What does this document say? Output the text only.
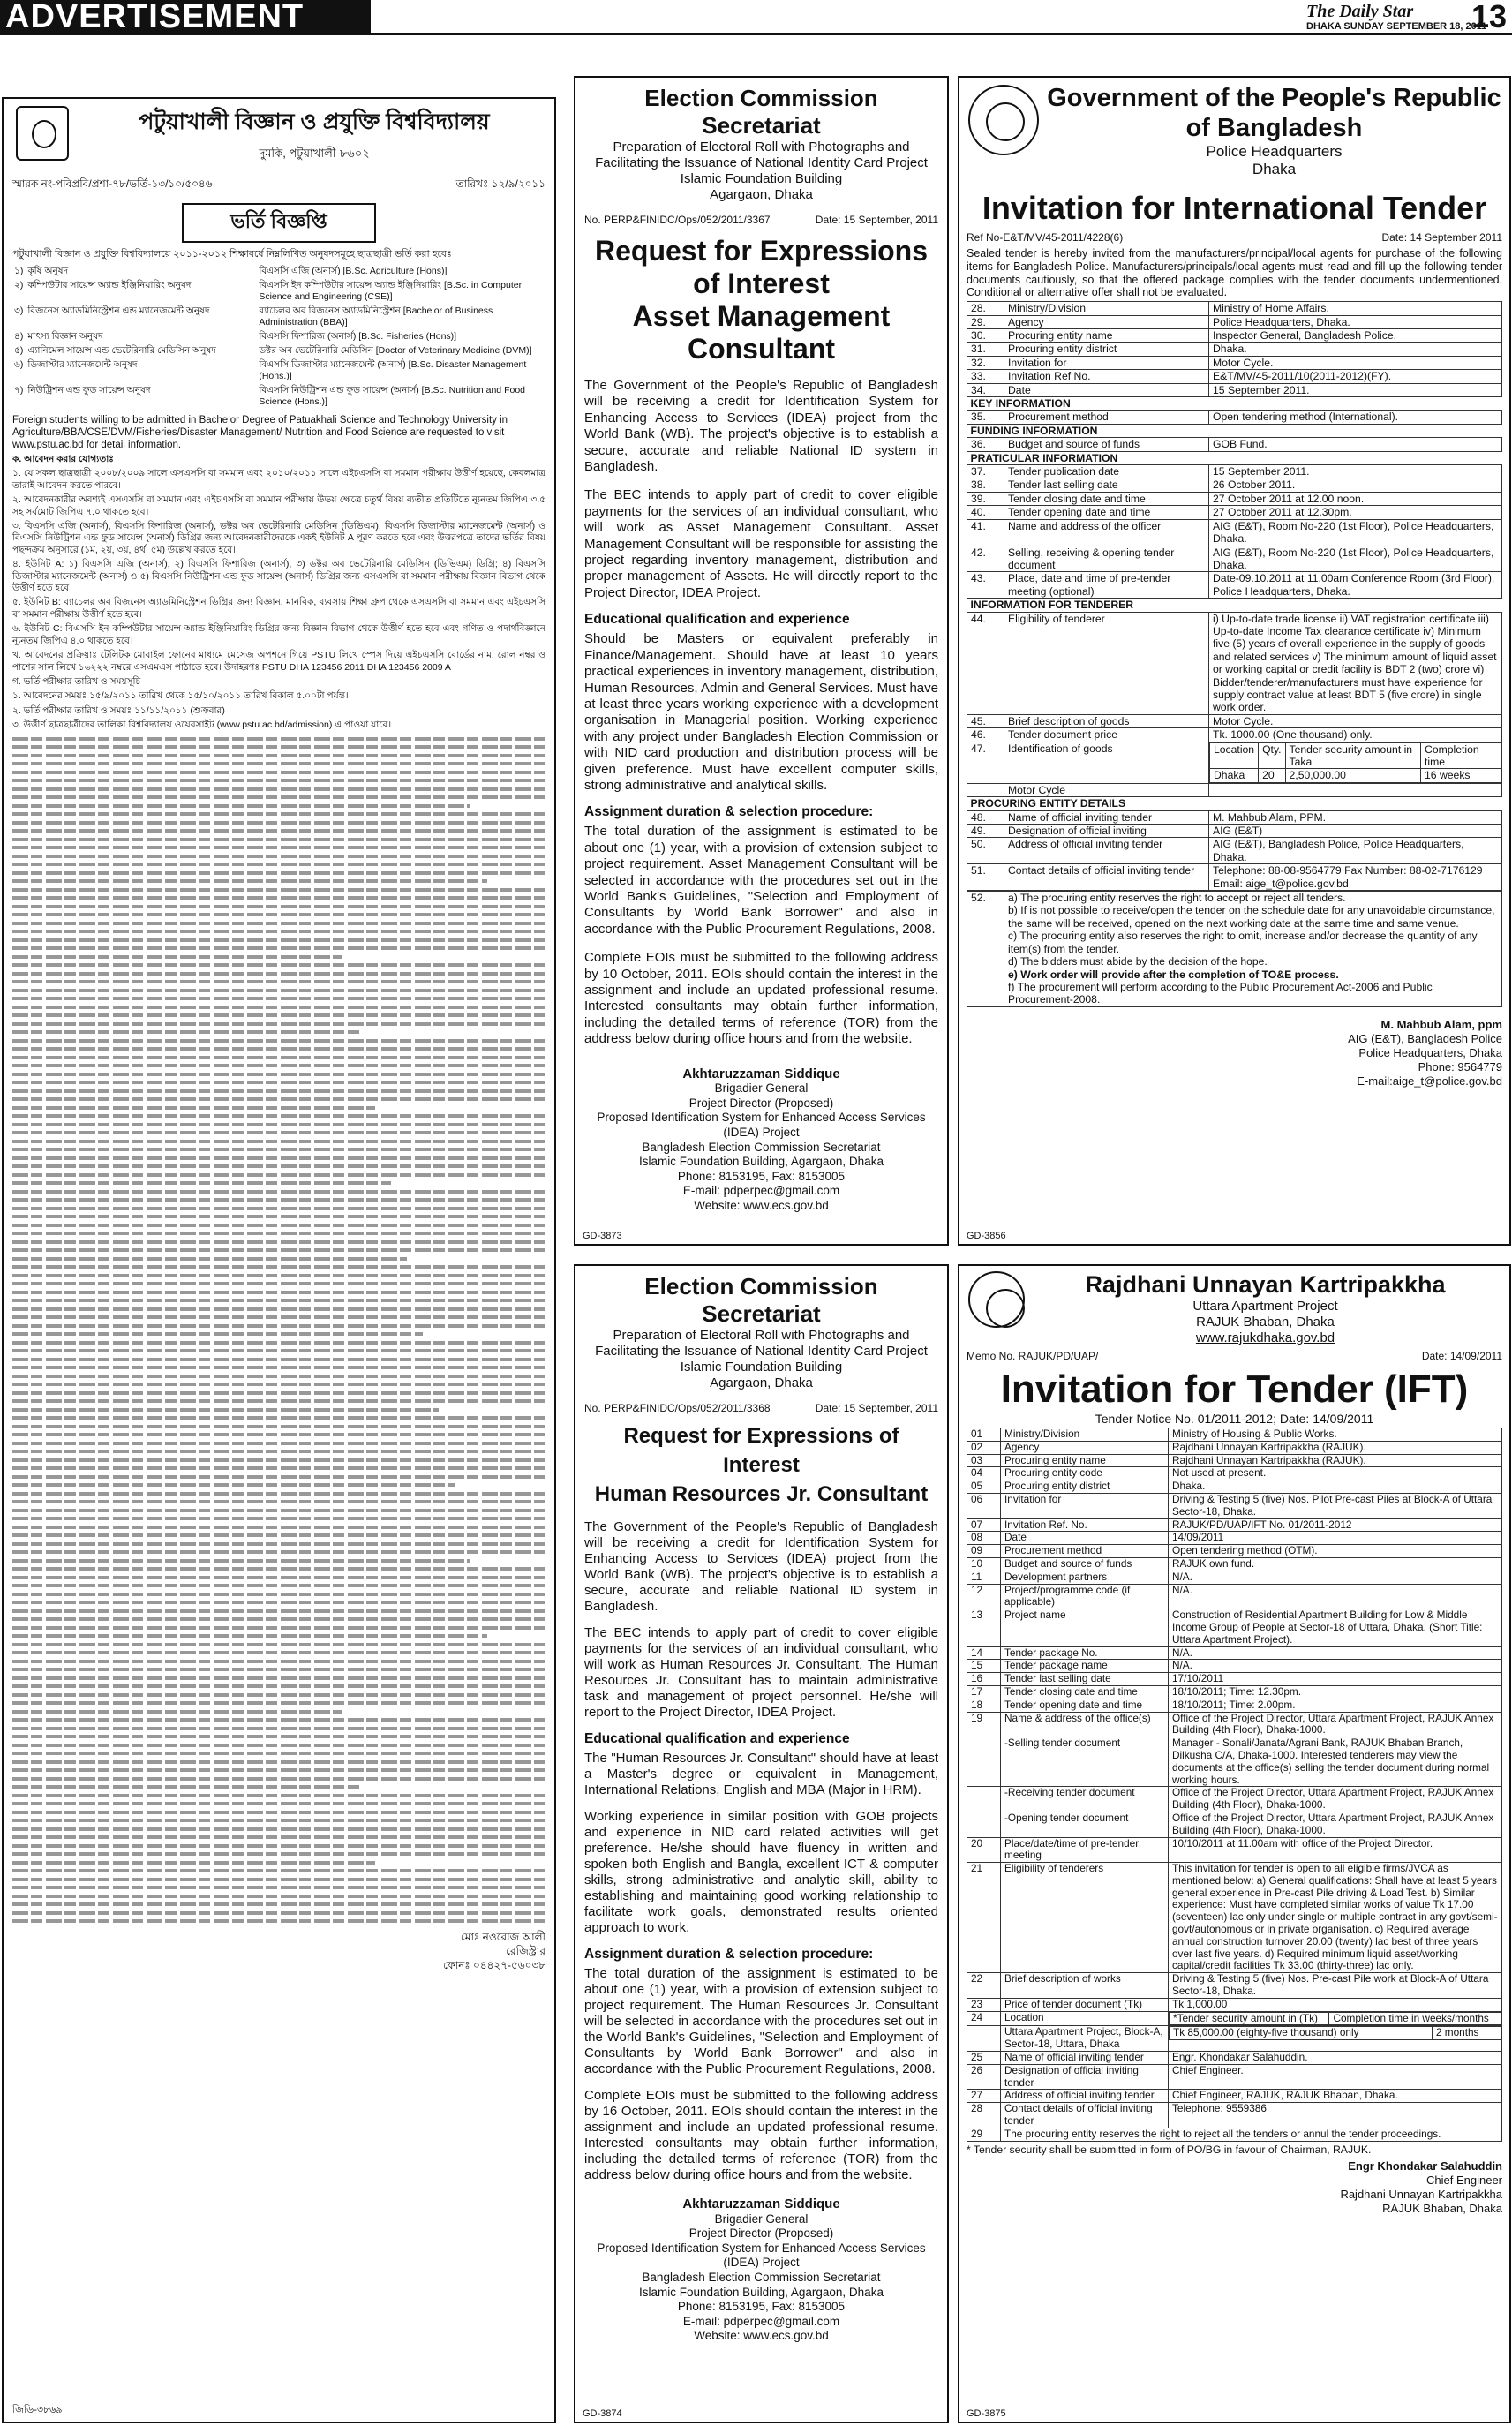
ADVERTISEMENT	The Daily Star
DHAKA SUNDAY SEPTEMBER 18, 2011
13
পটুয়াখালী বিজ্ঞান ও প্রযুক্তি বিশ্ববিদ্যালয়
দুমকি, পটুয়াখালী-৮৬০২
স্মারক নং-পবিপ্রবি/প্রশা-৭৮/ভর্তি-১৩/১০/৫০৪৬	তারিখঃ ১২/৯/২০১১
ভর্তি বিজ্ঞপ্তি
পটুয়াখালী বিজ্ঞান ও প্রযুক্তি বিশ্ববিদ্যালয়ে ২০১১-২০১২ শিক্ষাবর্ষে নিম্নলিখিত অনুষদসমূহে ছাত্রছাত্রী ভর্তি করা হবেঃ
১)	কৃষি অনুষদ	বিএসসি এজি (অনার্স) [B.Sc. Agriculture (Hons)]
২)	কম্পিউটার সায়েন্স অ্যান্ড ইঞ্জিনিয়ারিং অনুষদ	বিএসসি ইন কম্পিউটার সায়েন্স অ্যান্ড ইঞ্জিনিয়ারিং [B.Sc. in Computer Science and Engineering (CSE)]
৩)	বিজনেস অ্যাডমিনিস্ট্রেশন এন্ড ম্যানেজমেন্ট অনুষদ	ব্যাচেলর অব বিজনেস অ্যাডমিনিস্ট্রেশন [Bachelor of Business Administration (BBA)]
৪)	মাৎস্য বিজ্ঞান অনুষদ	বিএসসি ফিশারিজ (অনার্স) [B.Sc. Fisheries (Hons)]
৫)	এ্যানিমেল সায়েন্স এন্ড ভেটেরিনারি মেডিসিন অনুষদ	ডক্টর অব ভেটেরিনারি মেডিসিন [Doctor of Veterinary Medicine (DVM)]
৬)	ডিজাস্টার ম্যানেজমেন্ট অনুষদ	বিএসসি ডিজাস্টার ম্যানেজমেন্ট (অনার্স) [B.Sc. Disaster Management (Hons.)]
৭)	নিউট্রিশন এন্ড ফুড সায়েন্স অনুষদ	বিএসসি নিউট্রিশন এন্ড ফুড সায়েন্স (অনার্স) [B.Sc. Nutrition and Food Science (Hons.)]
Foreign students willing to be admitted in Bachelor Degree of Patuakhali Science and Technology University in Agriculture/BBA/CSE/DVM/Fisheries/Disaster Management/ Nutrition and Food Science are requested to visit www.pstu.ac.bd for detail information.
ক. আবেদন করার যোগ্যতাঃ
১. যে সকল ছাত্রছাত্রী ২০০৮/২০০৯ সালে এসএসসি বা সমমান এবং ২০১০/২০১১ সালে এইচএসসি বা সমমান পরীক্ষায় উত্তীর্ণ হয়েছে, কেবলমাত্র তারাই আবেদন করতে পারবে।
২. আবেদনকারীর অবশ্যই এসএসসি বা সমমান এবং এইচএসসি বা সমমান পরীক্ষায় উভয় ক্ষেত্রে চতুর্থ বিষয় ব্যতীত প্রতিটিতে ন্যূনতম জিপিএ ৩.৫ সহ সর্বমোট জিপিএ ৭.০ থাকতে হবে।
৩. বিএসসি এজি (অনার্স), বিএসসি ফিশারিজ (অনার্স), ডক্টর অব ভেটেরিনারি মেডিসিন (ডিভিএম), বিএসসি ডিজাস্টার ম্যানেজমেন্ট (অনার্স) ও বিএসসি নিউট্রিশন এন্ড ফুড সায়েন্স (অনার্স) ডিগ্রির জন্য আবেদনকারীদেরকে একই ইউনিট A পূরণ করতে হবে এবং উত্তরপত্রে তাদের ভর্তির বিষয় পছন্দক্রম অনুসারে (১ম, ২য়, ৩য়, ৪র্থ, ৫ম) উল্লেখ করতে হবে।
৪. ইউনিট A: ১) বিএসসি এজি (অনার্স), ২) বিএসসি ফিশারিজ (অনার্স), ৩) ডক্টর অব ভেটেরিনারি মেডিসিন (ডিভিএম) ডিগ্রি; ৪) বিএসসি ডিজাস্টার ম্যানেজমেন্ট (অনার্স) ও ৫) বিএসসি নিউট্রিশন এন্ড ফুড সায়েন্স (অনার্স) ডিগ্রির জন্য এসএসসি বা সমমান পরীক্ষায় বিজ্ঞান বিভাগ থেকে উত্তীর্ণ হতে হবে।
৫. ইউনিট B: ব্যাচেলর অব বিজনেস অ্যাডমিনিস্ট্রেশন ডিগ্রির জন্য বিজ্ঞান, মানবিক, ব্যবসায় শিক্ষা গ্রুপ থেকে এসএসসি বা সমমান এবং এইচএসসি বা সমমান পরীক্ষায় উত্তীর্ণ হতে হবে।
৬. ইউনিট C: বিএসসি ইন কম্পিউটার সায়েন্স অ্যান্ড ইঞ্জিনিয়ারিং ডিগ্রির জন্য বিজ্ঞান বিভাগ থেকে উত্তীর্ণ হতে হবে এবং গণিত ও পদার্থবিজ্ঞানে ন্যূনতম জিপিএ ৪.০ থাকতে হবে।
খ. আবেদনের প্রক্রিয়াঃ টেলিটক মোবাইল ফোনের মাধ্যমে মেসেজ অপশনে গিয়ে PSTU লিখে স্পেস দিয়ে এইচএসসি বোর্ডের নাম, রোল নম্বর ও পাশের সাল লিখে ১৬২২২ নম্বরে এসএমএস পাঠাতে হবে। উদাহরণঃ PSTU DHA 123456 2011 DHA 123456 2009 A
গ. ভর্তি পরীক্ষার তারিখ ও সময়সূচি
১. আবেদনের সময়ঃ ১৫/৯/২০১১ তারিখ থেকে ১৫/১০/২০১১ তারিখ বিকাল ৫.০০টা পর্যন্ত।
২. ভর্তি পরীক্ষার তারিখ ও সময়ঃ ১১/১১/২০১১ (শুক্রবার)
৩. উত্তীর্ণ ছাত্রছাত্রীদের তালিকা বিশ্ববিদ্যালয় ওয়েবসাইট (www.pstu.ac.bd/admission) এ পাওয়া যাবে।
মোঃ নওরোজ আলী
রেজিস্ট্রার
ফোনঃ ০৪৪২৭-৫৬০৩৮
জিডি-৩৮৬৯
Election Commission Secretariat
Preparation of Electoral Roll with Photographs and Facilitating the Issuance of National Identity Card Project
Islamic Foundation Building
Agargaon, Dhaka
No. PERP&FINIDC/Ops/052/2011/3367	Date: 15 September, 2011
Request for Expressions of Interest
Asset Management Consultant
The Government of the People's Republic of Bangladesh will be receiving a credit for Identification System for Enhancing Access to Services (IDEA) project from the World Bank (WB). The project's objective is to establish a secure, accurate and reliable National ID system in Bangladesh.
The BEC intends to apply part of credit to cover eligible payments for the services of an individual consultant, who will work as Asset Management Consultant. Asset Management Consultant will be responsible for assisting the project regarding inventory management, distribution and proper management of Assets. He will directly report to the Project Director, IDEA Project.
Educational qualification and experience
Should be Masters or equivalent preferably in Finance/Management. Should have at least 10 years practical experiences in inventory management, distribution, Human Resources, Admin and General Services. Must have at least three years working experience with a development organisation in Managerial position. Working experience with any project under Bangladesh Election Commission or with NID card production and distribution process will be given preference. Must have excellent computer skills, strong administrative and analytical skills.
Assignment duration & selection procedure:
The total duration of the assignment is estimated to be about one (1) year, with a provision of extension subject to project requirement. Asset Management Consultant will be selected in accordance with the procedures set out in the World Bank's Guidelines, "Selection and Employment of Consultants by World Bank Borrower" and also in accordance with the Public Procurement Regulations, 2008.
Complete EOIs must be submitted to the following address by 10 October, 2011. EOIs should contain the interest in the assignment and include an updated professional resume. Interested consultants may obtain further information, including the detailed terms of reference (TOR) from the address below during office hours and from the website.
Akhtaruzzaman Siddique
Brigadier General
Project Director (Proposed)
Proposed Identification System for Enhanced Access Services (IDEA) Project
Bangladesh Election Commission Secretariat
Islamic Foundation Building, Agargaon, Dhaka
Phone: 8153195, Fax: 8153005
E-mail: pdperpec@gmail.com
Website: www.ecs.gov.bd
GD-3873
Election Commission Secretariat
Preparation of Electoral Roll with Photographs and Facilitating the Issuance of National Identity Card Project
Islamic Foundation Building
Agargaon, Dhaka
No. PERP&FINIDC/Ops/052/2011/3368	Date: 15 September, 2011
Request for Expressions of Interest
Human Resources Jr. Consultant
The Government of the People's Republic of Bangladesh will be receiving a credit for Identification System for Enhancing Access to Services (IDEA) project from the World Bank (WB). The project's objective is to establish a secure, accurate and reliable National ID system in Bangladesh.
The BEC intends to apply part of credit to cover eligible payments for the services of an individual consultant, who will work as Human Resources Jr. Consultant. The Human Resources Jr. Consultant has to maintain administrative task and management of project personnel. He/she will report to the Project Director, IDEA Project.
Educational qualification and experience
The "Human Resources Jr. Consultant" should have at least a Master's degree or equivalent in Management, International Relations, English and MBA (Major in HRM).
Working experience in similar position with GOB projects and experience in NID card related activities will get preference. He/she should have fluency in written and spoken both English and Bangla, excellent ICT & computer skills, strong administrative and analytic skill, ability to establishing and maintaining good working relationship to facilitate work goals, demonstrated results oriented approach to work.
Assignment duration & selection procedure:
The total duration of the assignment is estimated to be about one (1) year, with a provision of extension subject to project requirement. The Human Resources Jr. Consultant will be selected in accordance with the procedures set out in the World Bank's Guidelines, "Selection and Employment of Consultants by World Bank Borrower" and also in accordance with the Public Procurement Regulations, 2008.
Complete EOIs must be submitted to the following address by 16 October, 2011. EOIs should contain the interest in the assignment and include an updated professional resume. Interested consultants may obtain further information, including the detailed terms of reference (TOR) from the address below during office hours and from the website.
Akhtaruzzaman Siddique
Brigadier General
Project Director (Proposed)
Proposed Identification System for Enhanced Access Services (IDEA) Project
Bangladesh Election Commission Secretariat
Islamic Foundation Building, Agargaon, Dhaka
Phone: 8153195, Fax: 8153005
E-mail: pdperpec@gmail.com
Website: www.ecs.gov.bd
GD-3874
Government of the People's Republic of Bangladesh
Police Headquarters
Dhaka
Invitation for International Tender
Ref No-E&T/MV/45-2011/4228(6)	Date: 14 September 2011
Sealed tender is hereby invited from the manufacturers/principal/local agents for purchase of the following items for Bangladesh Police. Manufacturers/principals/local agents must read and fill up the following tender documents cautiously, so that the offered package complies with the tender documents undermentioned. Conditional or alternative offer shall not be evaluated.
28.	Ministry/Division	Ministry of Home Affairs.
29.	Agency	Police Headquarters, Dhaka.
30.	Procuring entity name	Inspector General, Bangladesh Police.
31.	Procuring entity district	Dhaka.
32.	Invitation for	Motor Cycle.
33.	Invitation Ref No.	E&T/MV/45-2011/10(2011-2012)(FY).
34.	Date	15 September 2011.
KEY INFORMATION
35.	Procurement method	Open tendering method (International).
FUNDING INFORMATION
36.	Budget and source of funds	GOB Fund.
PRATICULAR INFORMATION
37.	Tender publication date	15 September 2011.
38.	Tender last selling date	26 October 2011.
39.	Tender closing date and time	27 October 2011 at 12.00 noon.
40.	Tender opening date and time	27 October 2011 at 12.30pm.
41.	Name and address of the officer	AIG (E&T), Room No-220 (1st Floor), Police Headquarters, Dhaka.
42.	Selling, receiving & opening tender document	AIG (E&T), Room No-220 (1st Floor), Police Headquarters, Dhaka.
43.	Place, date and time of pre-tender meeting (optional)	Date-09.10.2011 at 11.00am Conference Room (3rd Floor), Police Headquarters, Dhaka.
INFORMATION FOR TENDERER
44.	Eligibility of tenderer	i) Up-to-date trade license ii) VAT registration certificate iii) Up-to-date Income Tax clearance certificate iv) Minimum five (5) years of overall experience in the supply of goods and related services v) The minimum amount of liquid asset or working capital or credit facility is BDT 2 (two) crore vi) Bidder/tenderer/manufacturers must have experience for supply contract value at least BDT 5 (five crore) in single work order.
45.	Brief description of goods	Motor Cycle.
46.	Tender document price	Tk. 1000.00 (One thousand) only.
47.	Identification of goods		Location	Qty.	Tender security amount in Taka	Completion time
Dhaka	20	2,50,000.00	16 weeks

	Motor Cycle	
PROCURING ENTITY DETAILS
48.	Name of official inviting tender	M. Mahbub Alam, PPM.
49.	Designation of official inviting	AIG (E&T)
50.	Address of official inviting tender	AIG (E&T), Bangladesh Police, Police Headquarters, Dhaka.
51.	Contact details of official inviting tender	Telephone: 88-08-9564779 Fax Number: 88-02-7176129 Email: aige_t@police.gov.bd
52.	a) The procuring entity reserves the right to accept or reject all tenders.
b) If is not possible to receive/open the tender on the schedule date for any unavoidable circumstance, the same will be received, opened on the next working date at the same time and same venue.
c) The procuring entity also reserves the right to omit, increase and/or decrease the quantity of any item(s) from the tender.
d) The bidders must abide by the decision of the hope.
e) Work order will provide after the completion of TO&E process.
f) The procurement will perform according to the Public Procurement Act-2006 and Public Procurement-2008.
M. Mahbub Alam, ppm
AIG (E&T), Bangladesh Police
Police Headquarters, Dhaka
Phone: 9564779
E-mail:aige_t@police.gov.bd
GD-3856
Rajdhani Unnayan Kartripakkha
Uttara Apartment Project
RAJUK Bhaban, Dhaka
www.rajukdhaka.gov.bd
Memo No. RAJUK/PD/UAP/	Date: 14/09/2011
Invitation for Tender (IFT)
Tender Notice No. 01/2011-2012; Date: 14/09/2011
01	Ministry/Division	Ministry of Housing & Public Works.
02	Agency	Rajdhani Unnayan Kartripakkha (RAJUK).
03	Procuring entity name	Rajdhani Unnayan Kartripakkha (RAJUK).
04	Procuring entity code	Not used at present.
05	Procuring entity district	Dhaka.
06	Invitation for	Driving & Testing 5 (five) Nos. Pilot Pre-cast Piles at Block-A of Uttara Sector-18, Dhaka.
07	Invitation Ref. No.	RAJUK/PD/UAP/IFT No. 01/2011-2012
08	Date	14/09/2011
09	Procurement method	Open tendering method (OTM).
10	Budget and source of funds	RAJUK own fund.
11	Development partners	N/A.
12	Project/programme code (if applicable)	N/A.
13	Project name	Construction of Residential Apartment Building for Low & Middle Income Group of People at Sector-18 of Uttara, Dhaka. (Short Title: Uttara Apartment Project).
14	Tender package No.	N/A.
15	Tender package name	N/A.
16	Tender last selling date	17/10/2011
17	Tender closing date and time	18/10/2011; Time: 12.30pm.
18	Tender opening date and time	18/10/2011; Time: 2.00pm.
19	Name & address of the office(s)	Office of the Project Director, Uttara Apartment Project, RAJUK Annex Building (4th Floor), Dhaka-1000.
	-Selling tender document	Manager - Sonali/Janata/Agrani Bank, RAJUK Bhaban Branch, Dilkusha C/A, Dhaka-1000. Interested tenderers may view the documents at the office(s) selling the tender document during normal working hours.
	-Receiving tender document	Office of the Project Director, Uttara Apartment Project, RAJUK Annex Building (4th Floor), Dhaka-1000.
	-Opening tender document	Office of the Project Director, Uttara Apartment Project, RAJUK Annex Building (4th Floor), Dhaka-1000.
20	Place/date/time of pre-tender meeting	10/10/2011 at 11.00am with office of the Project Director.
21	Eligibility of tenderers	This invitation for tender is open to all eligible firms/JVCA as mentioned below: a) General qualifications: Shall have at least 5 years general experience in Pre-cast Pile driving & Load Test. b) Similar experience: Must have completed similar works of value Tk 17.00 (seventeen) lac only under single or multiple contract in any govt/semi-govt/autonomous or in private organisation. c) Required average annual construction turnover 20.00 (twenty) lac best of three years over last five years. d) Required minimum liquid asset/working capital/credit facilities Tk 33.00 (thirty-three) lac only.
22	Brief description of works	Driving & Testing 5 (five) Nos. Pre-cast Pile work at Block-A of Uttara Sector-18, Dhaka.
23	Price of tender document (Tk)	Tk 1,000.00
24	Location		*Tender security amount in (Tk)	Completion time in weeks/months

	Uttara Apartment Project, Block-A, Sector-18, Uttara, Dhaka	
Tk 85,000.00 (eighty-five thousand) only	2 months

25	Name of official inviting tender	Engr. Khondakar Salahuddin.
26	Designation of official inviting tender	Chief Engineer.
27	Address of official inviting tender	Chief Engineer, RAJUK, RAJUK Bhaban, Dhaka.
28	Contact details of official inviting tender	Telephone: 9559386
29	The procuring entity reserves the right to reject all the tenders or annul the tender proceedings.
* Tender security shall be submitted in form of PO/BG in favour of Chairman, RAJUK.
Engr Khondakar Salahuddin
Chief Engineer
Rajdhani Unnayan Kartripakkha
RAJUK Bhaban, Dhaka
GD-3875
